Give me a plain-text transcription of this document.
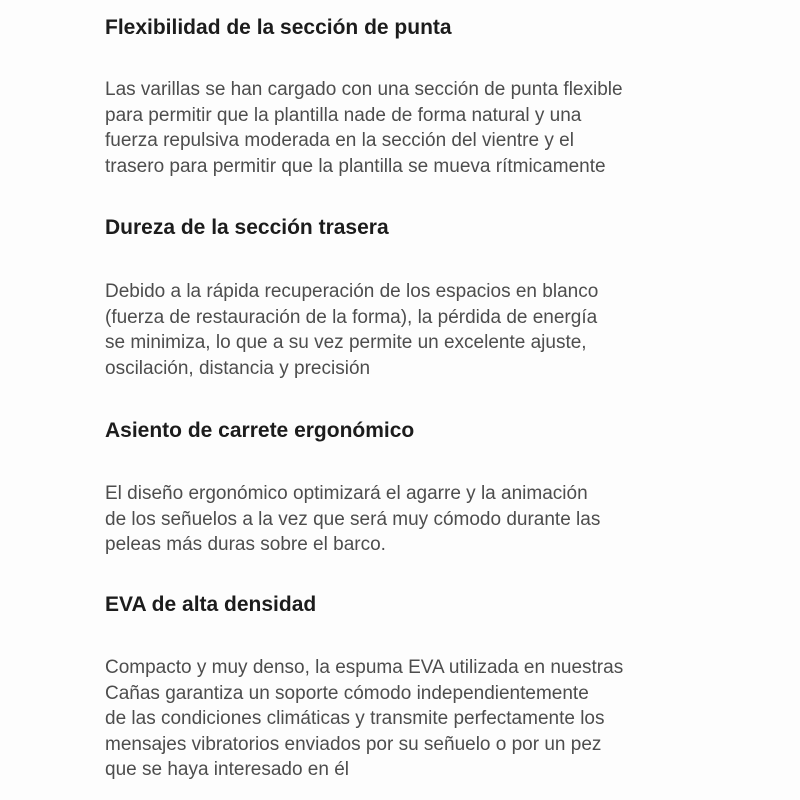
Flexibilidad de la sección de punta

Las varillas se han cargado con una sección de punta flexible
para permitir que la plantilla nade de forma natural y una
fuerza repulsiva moderada en la sección del vientre y el
trasero para permitir que la plantilla se mueva rítmicamente

Dureza de la sección trasera

Debido a la rápida recuperación de los espacios en blanco
(fuerza de restauración de la forma), la pérdida de energía
se minimiza, lo que a su vez permite un excelente ajuste,
oscilación, distancia y precisión

Asiento de carrete ergonómico

El diseño ergonómico optimizará el agarre y la animación
de los señuelos a la vez que será muy cómodo durante las
peleas más duras sobre el barco.

EVA de alta densidad

Compacto y muy denso, la espuma EVA utilizada en nuestras
Cañas garantiza un soporte cómodo independientemente
de las condiciones climáticas y transmite perfectamente los
mensajes vibratorios enviados por su señuelo o por un pez
que se haya interesado en él
